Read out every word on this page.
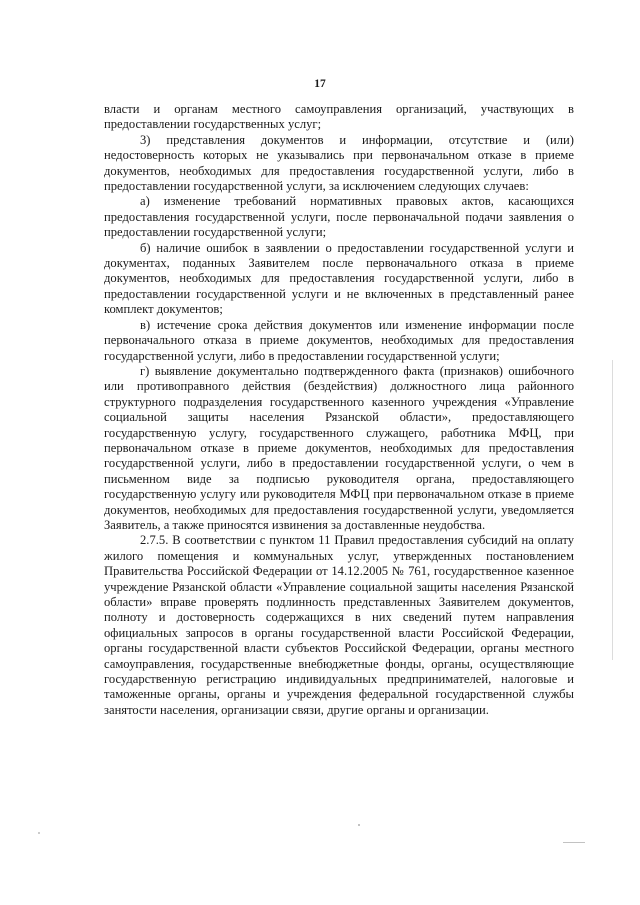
17

власти и органам местного самоуправления организаций, участвующих в предоставлении государственных услуг;

3) представления документов и информации, отсутствие и (или) недостоверность которых не указывались при первоначальном отказе в приеме документов, необходимых для предоставления государственной услуги, либо в предоставлении государственной услуги, за исключением следующих случаев:

а) изменение требований нормативных правовых актов, касающихся предоставления государственной услуги, после первоначальной подачи заявления о предоставлении государственной услуги;

б) наличие ошибок в заявлении о предоставлении государственной услуги и документах, поданных Заявителем после первоначального отказа в приеме документов, необходимых для предоставления государственной услуги, либо в предоставлении государственной услуги и не включенных в представленный ранее комплект документов;

в) истечение срока действия документов или изменение информации после первоначального отказа в приеме документов, необходимых для предоставления государственной услуги, либо в предоставлении государственной услуги;

г) выявление документально подтвержденного факта (признаков) ошибочного или противоправного действия (бездействия) должностного лица районного структурного подразделения государственного казенного учреждения «Управление социальной защиты населения Рязанской области», предоставляющего государственную услугу, государственного служащего, работника МФЦ, при первоначальном отказе в приеме документов, необходимых для предоставления государственной услуги, либо в предоставлении государственной услуги, о чем в письменном виде за подписью руководителя органа, предоставляющего государственную услугу или руководителя МФЦ при первоначальном отказе в приеме документов, необходимых для предоставления государственной услуги, уведомляется Заявитель, а также приносятся извинения за доставленные неудобства.

2.7.5. В соответствии с пунктом 11 Правил предоставления субсидий на оплату жилого помещения и коммунальных услуг, утвержденных постановлением Правительства Российской Федерации от 14.12.2005 № 761, государственное казенное учреждение Рязанской области «Управление социальной защиты населения Рязанской области» вправе проверять подлинность представленных Заявителем документов, полноту и достоверность содержащихся в них сведений путем направления официальных запросов в органы государственной власти Российской Федерации, органы государственной власти субъектов Российской Федерации, органы местного самоуправления, государственные внебюджетные фонды, органы, осуществляющие государственную регистрацию индивидуальных предпринимателей, налоговые и таможенные органы, органы и учреждения федеральной государственной службы занятости населения, организации связи, другие органы и организации.
